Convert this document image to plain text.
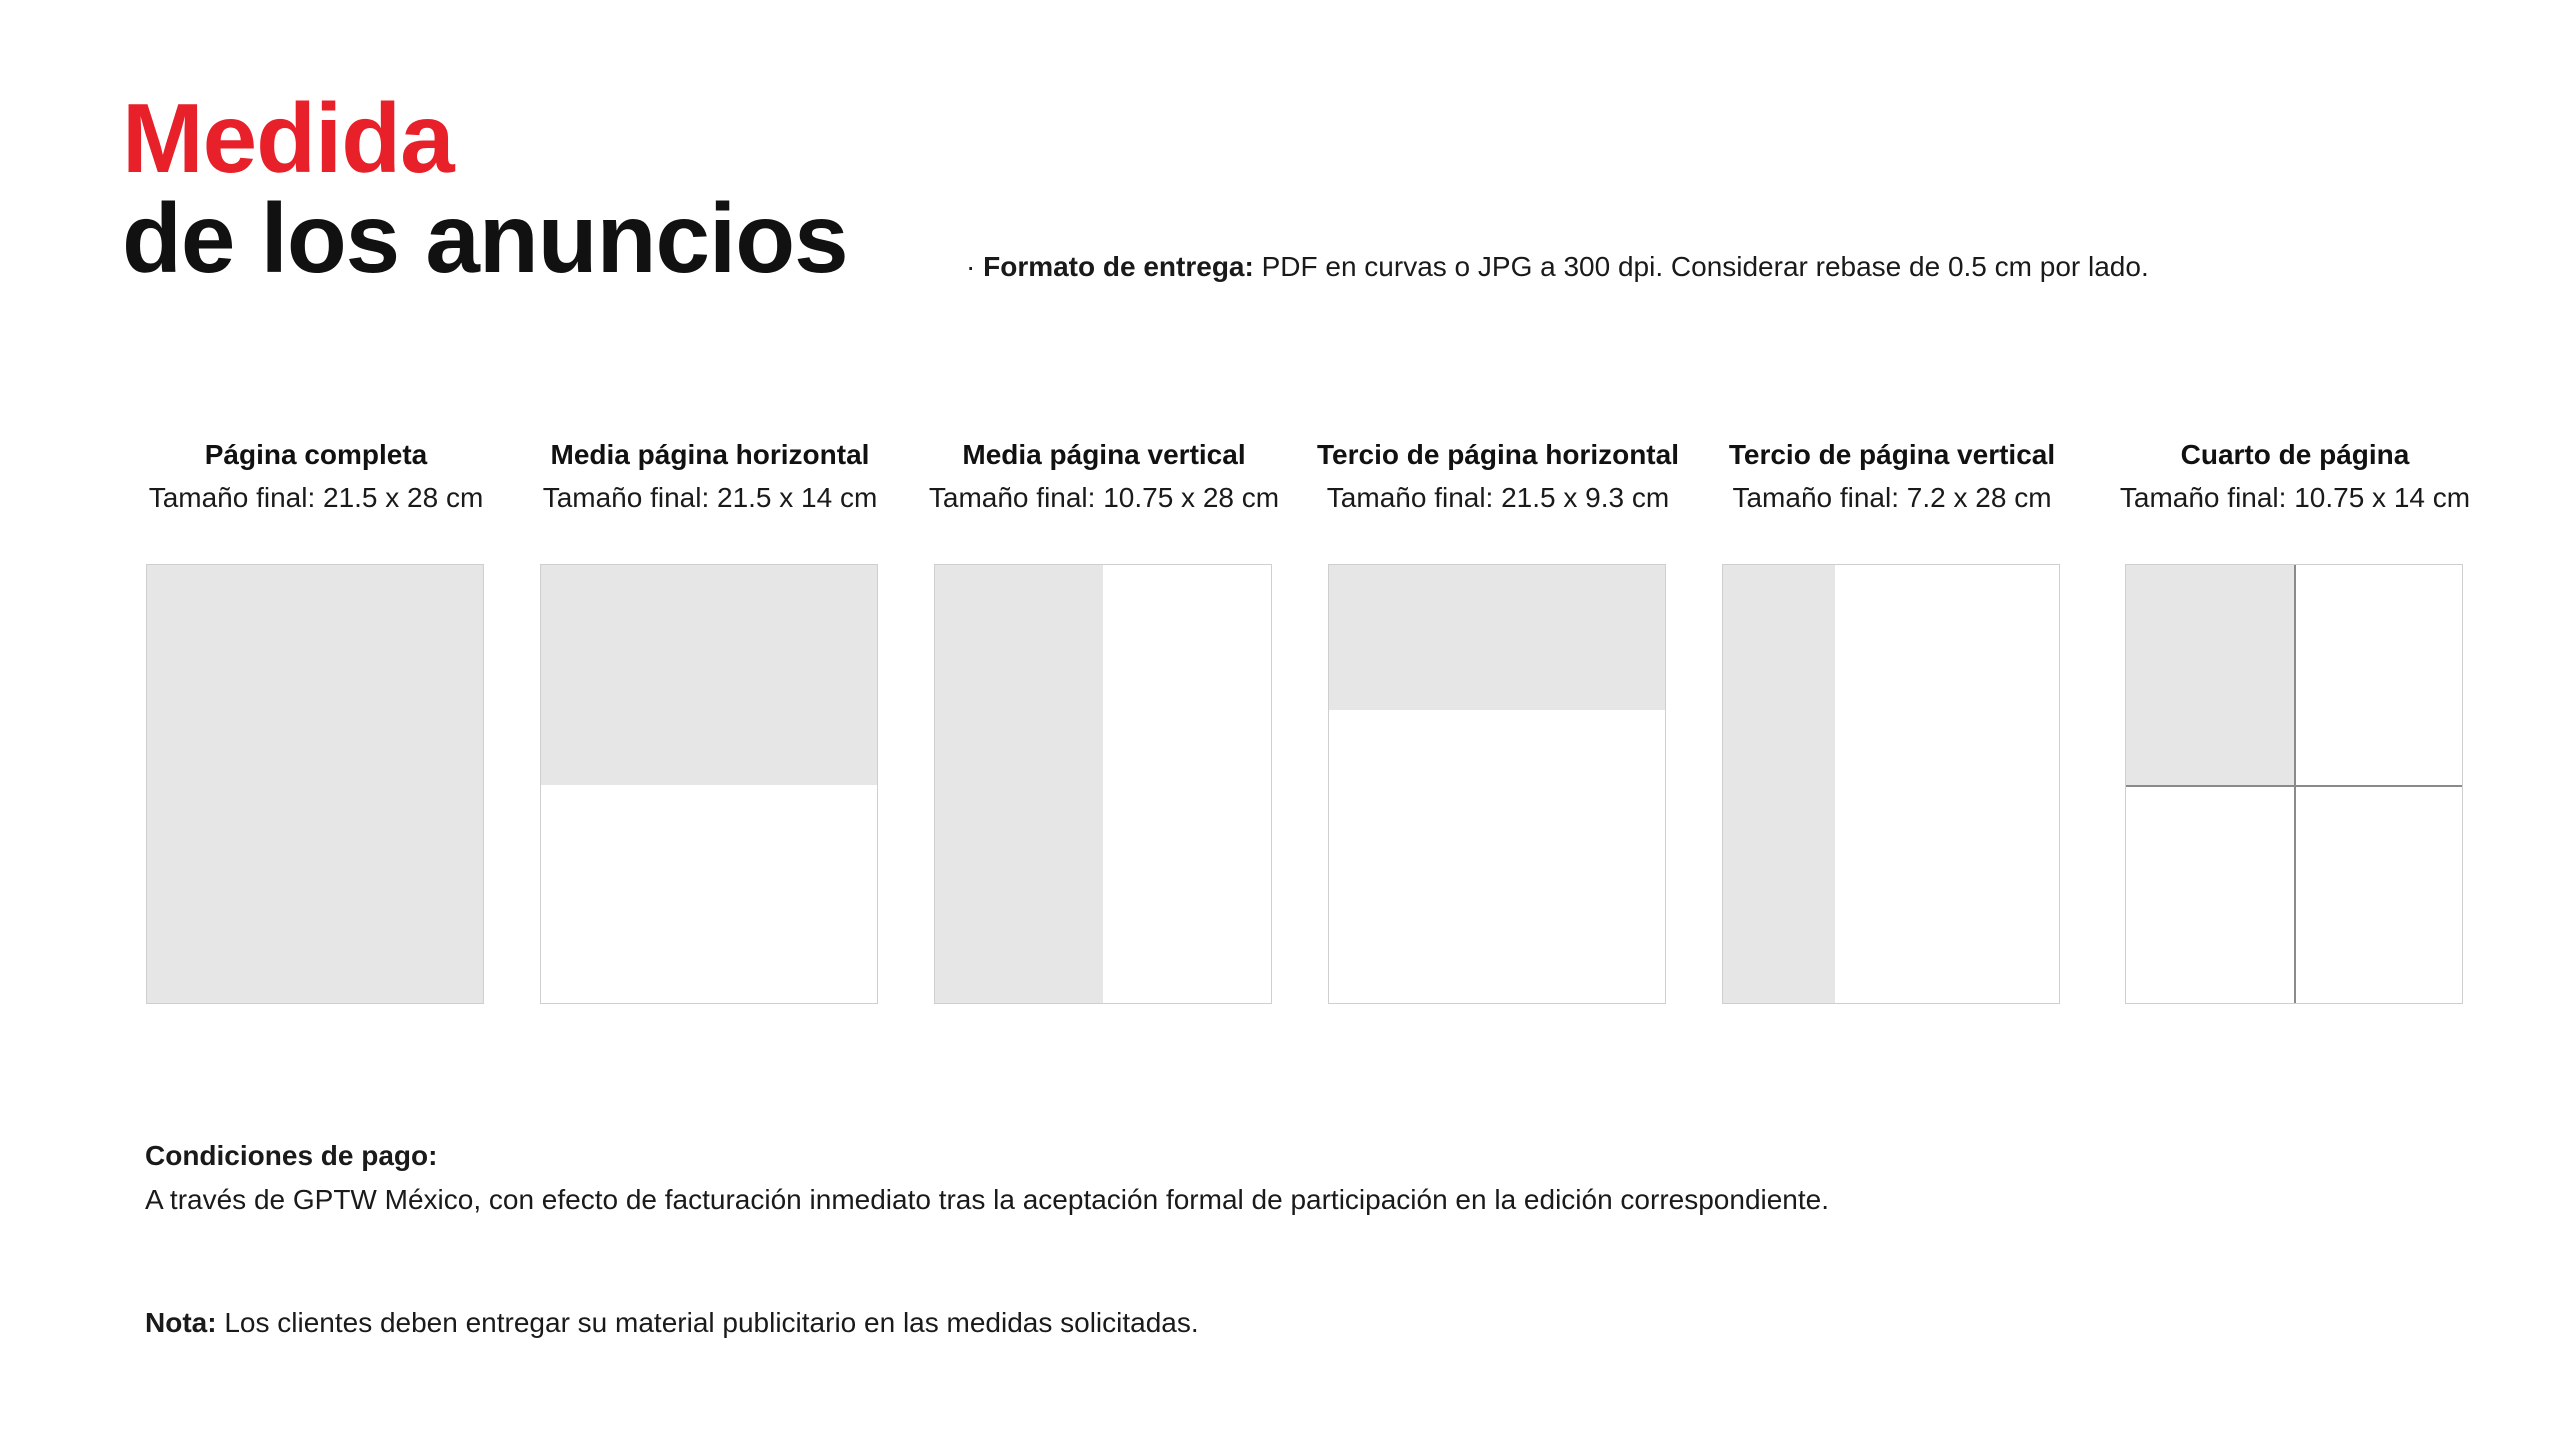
Medida
de los anuncios	· Formato de entrega: PDF en curvas o JPG a 300 dpi. Considerar rebase de 0.5 cm por lado.
Página completa
Tamaño final: 21.5 x 28 cm
Media página horizontal
Tamaño final: 21.5 x 14 cm
Media página vertical
Tamaño final: 10.75 x 28 cm
Tercio de página horizontal
Tamaño final: 21.5 x 9.3 cm
Tercio de página vertical
Tamaño final: 7.2 x 28 cm
Cuarto de página
Tamaño final: 10.75 x 14 cm
Condiciones de pago:
A través de GPTW México, con efecto de facturación inmediato tras la aceptación formal de participación en la edición correspondiente.
Nota: Los clientes deben entregar su material publicitario en las medidas solicitadas.
